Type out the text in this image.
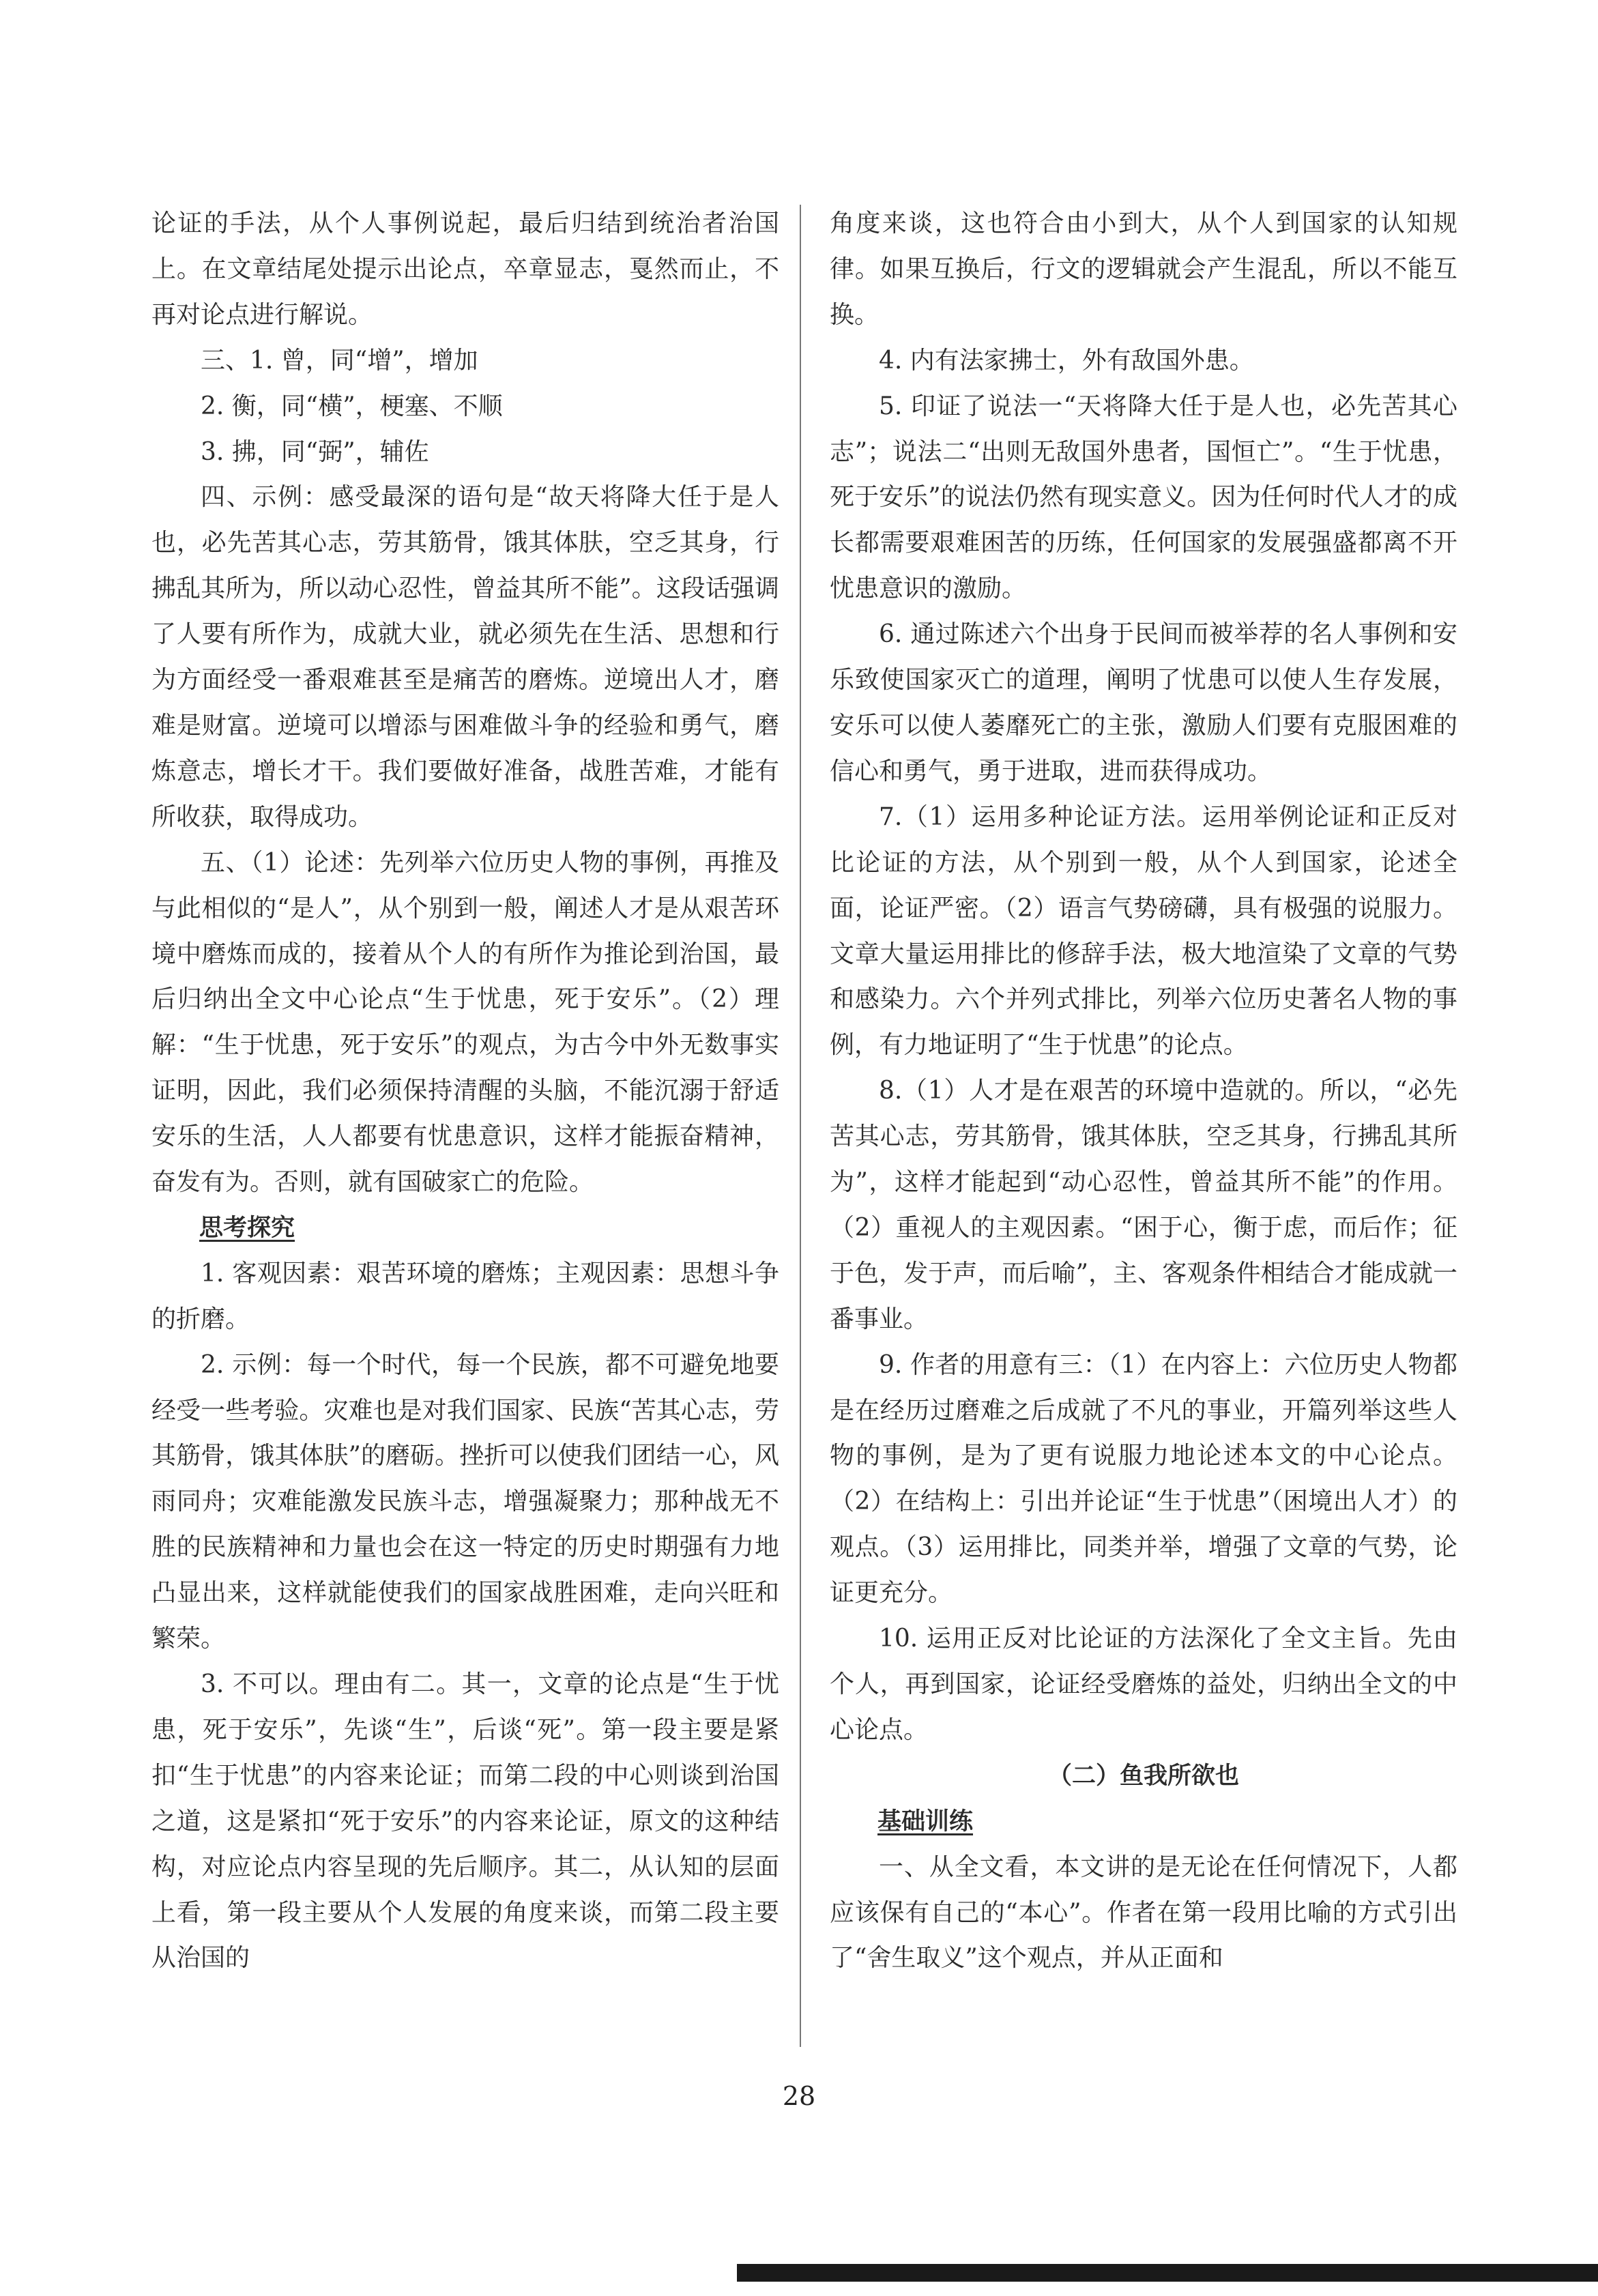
论证的手法，从个人事例说起，最后归结到统治者治国上。在文章结尾处提示出论点，卒章显志，戛然而止，不再对论点进行解说。

三、1. 曾，同“增”，增加

2. 衡，同“横”，梗塞、不顺

3. 拂，同“弼”，辅佐

四、示例：感受最深的语句是“故天将降大任于是人也，必先苦其心志，劳其筋骨，饿其体肤，空乏其身，行拂乱其所为，所以动心忍性，曾益其所不能”。这段话强调了人要有所作为，成就大业，就必须先在生活、思想和行为方面经受一番艰难甚至是痛苦的磨炼。逆境出人才，磨难是财富。逆境可以增添与困难做斗争的经验和勇气，磨炼意志，增长才干。我们要做好准备，战胜苦难，才能有所收获，取得成功。

五、（1）论述：先列举六位历史人物的事例，再推及与此相似的“是人”，从个别到一般，阐述人才是从艰苦环境中磨炼而成的，接着从个人的有所作为推论到治国，最后归纳出全文中心论点“生于忧患，死于安乐”。（2）理解：“生于忧患，死于安乐”的观点，为古今中外无数事实证明，因此，我们必须保持清醒的头脑，不能沉溺于舒适安乐的生活，人人都要有忧患意识，这样才能振奋精神，奋发有为。否则，就有国破家亡的危险。

思考探究

1. 客观因素：艰苦环境的磨炼；主观因素：思想斗争的折磨。

2. 示例：每一个时代，每一个民族，都不可避免地要经受一些考验。灾难也是对我们国家、民族“苦其心志，劳其筋骨，饿其体肤”的磨砺。挫折可以使我们团结一心，风雨同舟；灾难能激发民族斗志，增强凝聚力；那种战无不胜的民族精神和力量也会在这一特定的历史时期强有力地凸显出来，这样就能使我们的国家战胜困难，走向兴旺和繁荣。

3. 不可以。理由有二。其一，文章的论点是“生于忧患，死于安乐”，先谈“生”，后谈“死”。第一段主要是紧扣“生于忧患”的内容来论证；而第二段的中心则谈到治国之道，这是紧扣“死于安乐”的内容来论证，原文的这种结构，对应论点内容呈现的先后顺序。其二，从认知的层面上看，第一段主要从个人发展的角度来谈，而第二段主要从治国的

角度来谈，这也符合由小到大，从个人到国家的认知规律。如果互换后，行文的逻辑就会产生混乱，所以不能互换。

4. 内有法家拂士，外有敌国外患。

5. 印证了说法一“天将降大任于是人也，必先苦其心志”；说法二“出则无敌国外患者，国恒亡”。“生于忧患，死于安乐”的说法仍然有现实意义。因为任何时代人才的成长都需要艰难困苦的历练，任何国家的发展强盛都离不开忧患意识的激励。

6. 通过陈述六个出身于民间而被举荐的名人事例和安乐致使国家灭亡的道理，阐明了忧患可以使人生存发展，安乐可以使人萎靡死亡的主张，激励人们要有克服困难的信心和勇气，勇于进取，进而获得成功。

7.（1）运用多种论证方法。运用举例论证和正反对比论证的方法，从个别到一般，从个人到国家，论述全面，论证严密。（2）语言气势磅礴，具有极强的说服力。文章大量运用排比的修辞手法，极大地渲染了文章的气势和感染力。六个并列式排比，列举六位历史著名人物的事例，有力地证明了“生于忧患”的论点。

8.（1）人才是在艰苦的环境中造就的。所以，“必先苦其心志，劳其筋骨，饿其体肤，空乏其身，行拂乱其所为”，这样才能起到“动心忍性，曾益其所不能”的作用。（2）重视人的主观因素。“困于心，衡于虑，而后作；征于色，发于声，而后喻”，主、客观条件相结合才能成就一番事业。

9. 作者的用意有三：（1）在内容上：六位历史人物都是在经历过磨难之后成就了不凡的事业，开篇列举这些人物的事例，是为了更有说服力地论述本文的中心论点。（2）在结构上：引出并论证“生于忧患”（困境出人才）的观点。（3）运用排比，同类并举，增强了文章的气势，论证更充分。

10. 运用正反对比论证的方法深化了全文主旨。先由个人，再到国家，论证经受磨炼的益处，归纳出全文的中心论点。

（二）鱼我所欲也

基础训练

一、从全文看，本文讲的是无论在任何情况下，人都应该保有自己的“本心”。作者在第一段用比喻的方式引出了“舍生取义”这个观点，并从正面和

28
